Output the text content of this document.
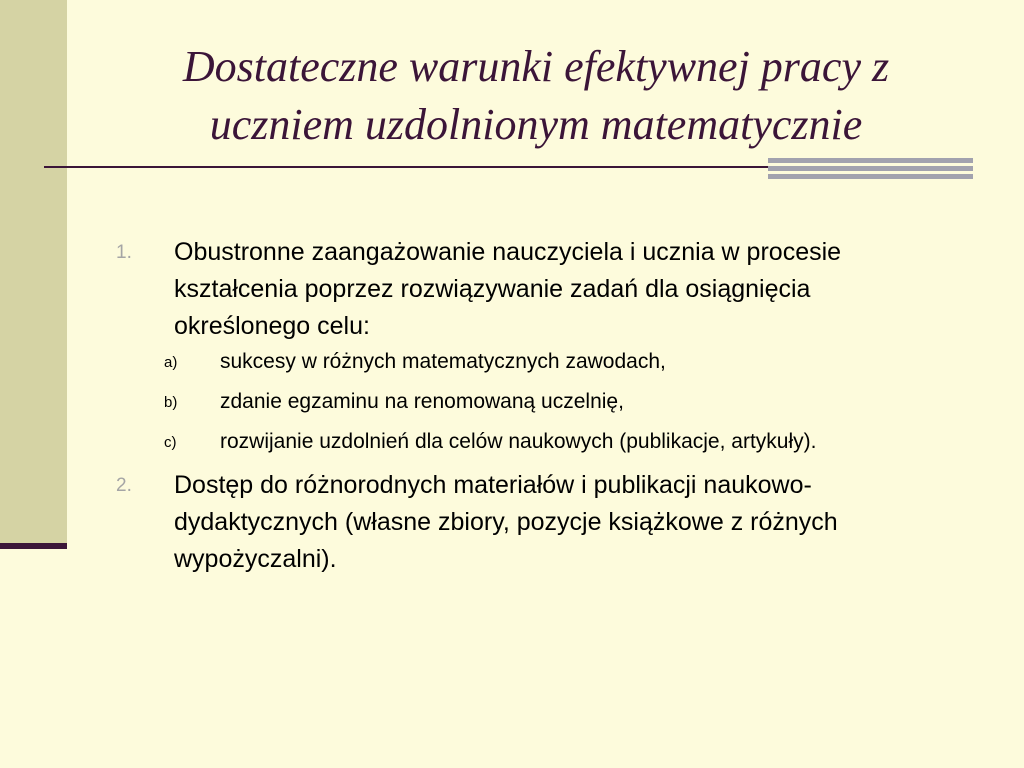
Dostateczne warunki efektywnej pracy z
uczniem uzdolnionym matematycznie
1. Obustronne zaangażowanie nauczyciela i ucznia w procesie kształcenia poprzez rozwiązywanie zadań dla osiągnięcia określonego celu:
a) sukcesy w różnych matematycznych zawodach,
b) zdanie egzaminu na renomowaną uczelnię,
c) rozwijanie uzdolnień dla celów naukowych (publikacje, artykuły).
2. Dostęp do różnorodnych materiałów i publikacji naukowo-dydaktycznych (własne zbiory, pozycje książkowe z różnych wypożyczalni).
